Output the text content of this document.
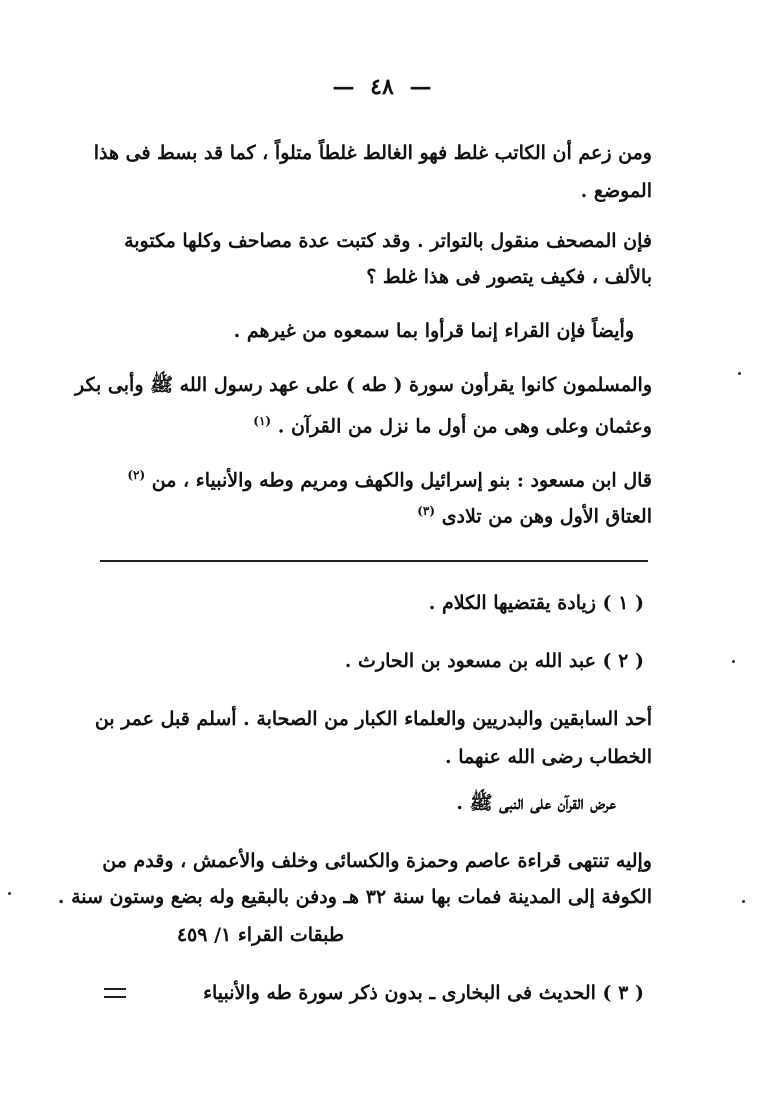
— ٤٨ —
ومن زعم أن الكاتب غلط فهو الغالط غلطاً متلواً ، كما قد بسط فى هذا
الموضع .
فإن المصحف منقول بالتواتر . وقد كتبت عدة مصاحف وكلها مكتوبة
بالألف ، فكيف يتصور فى هذا غلط ؟
وأيضاً فإن القراء إنما قرأوا بما سمعوه من غيرهم .
والمسلمون كانوا يقرأون سورة ( طه ) على عهد رسول الله ﷺ وأبى بكر
وعثمان وعلى وهى من أول ما نزل من القرآن . $^{(١)}$
قال ابن مسعود : بنو إسرائيل والكهف ومريم وطه والأنبياء ، من $^{(٢)}$
العتاق الأول وهن من تلادى $^{(٣)}$
( ١ ) زيادة يقتضيها الكلام .
( ٢ ) عبد الله بن مسعود بن الحارث .
أحد السابقين والبدريين والعلماء الكبار من الصحابة . أسلم قبل عمر بن
الخطاب رضى الله عنهما .
عرض القرآن على النبى ﷺ .
وإليه تنتهى قراءة عاصم وحمزة والكسائى وخلف والأعمش ، وقدم من
الكوفة إلى المدينة فمات بها سنة ٣٢ هـ ودفن بالبقيع وله بضع وستون سنة .
طبقات القراء ١/ ٤٥٩
( ٣ ) الحديث فى البخارى ـ بدون ذكر سورة طه والأنبياء
